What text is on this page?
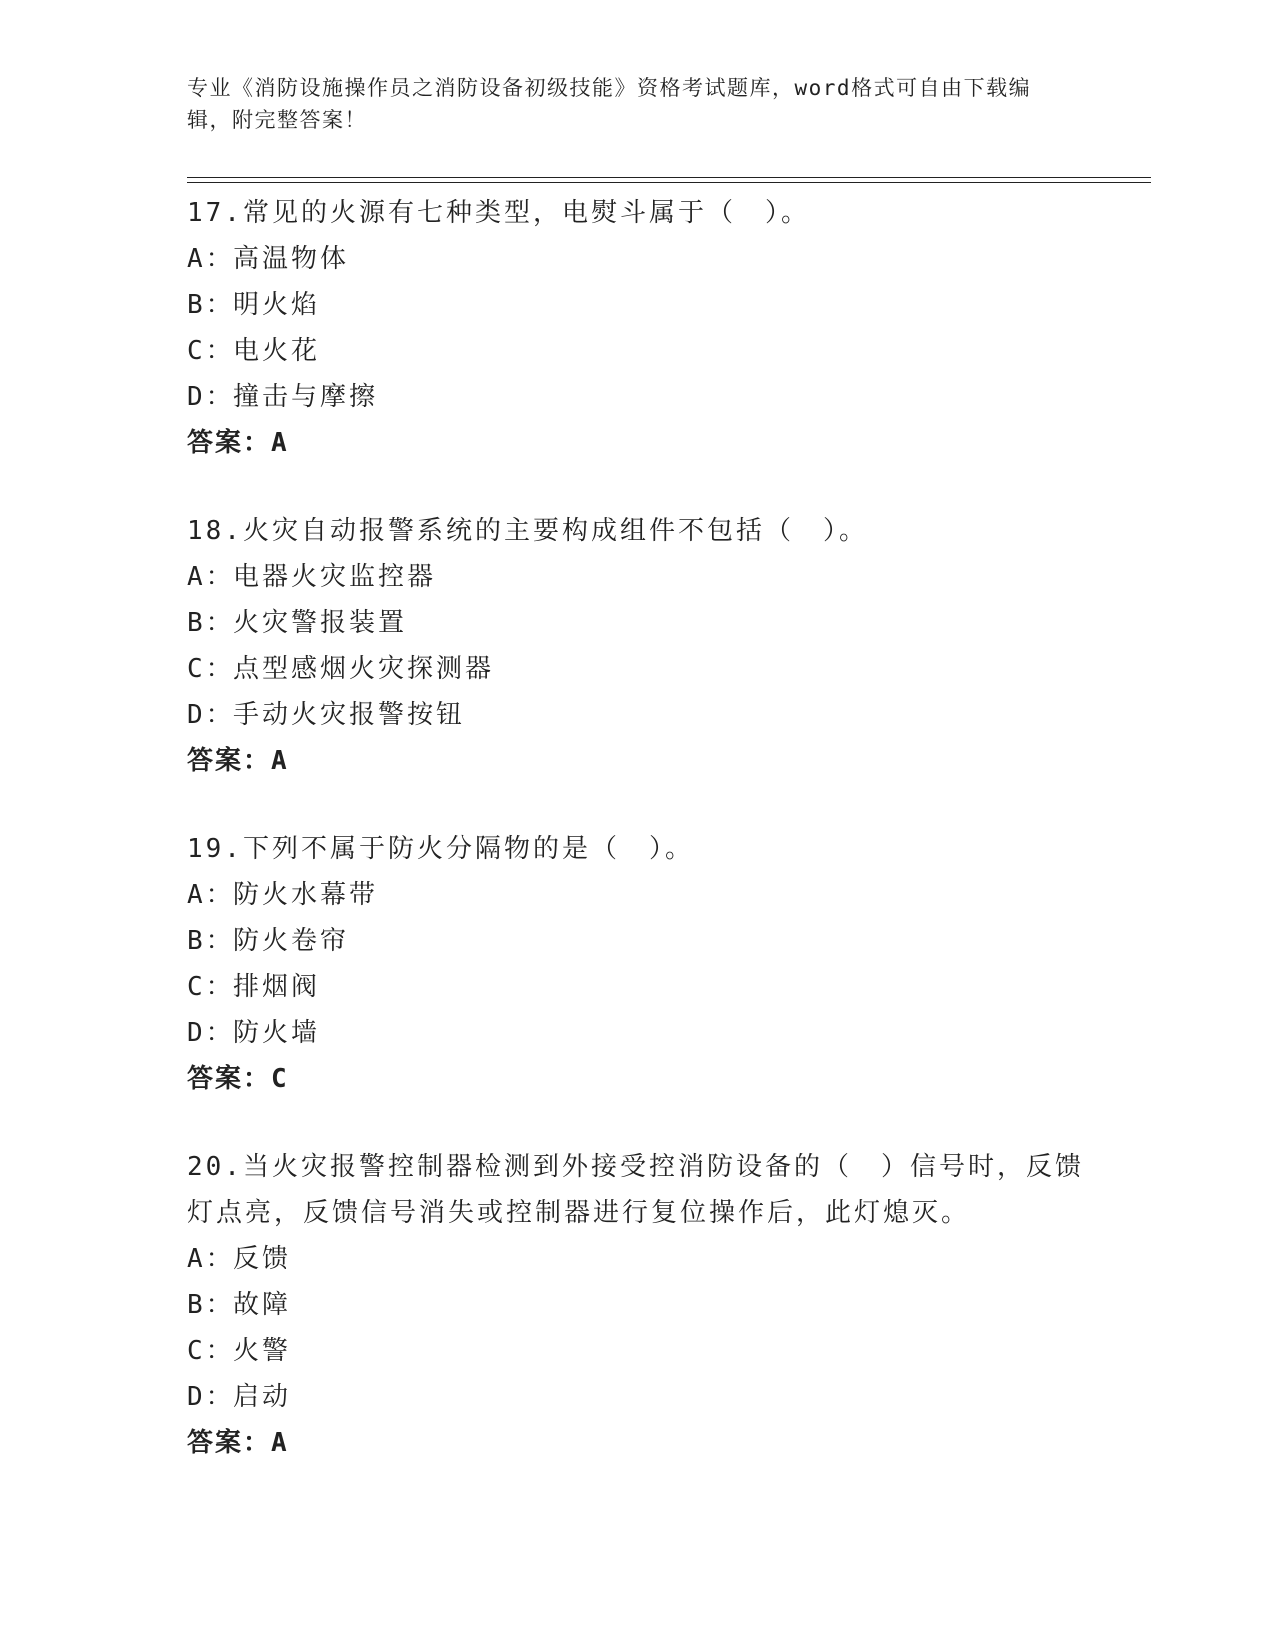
专业《消防设施操作员之消防设备初级技能》资格考试题库，word格式可自由下载编辑，附完整答案！

17.常见的火源有七种类型，电熨斗属于（　）。

A：高温物体

B：明火焰

C：电火花

D：撞击与摩擦

答案：A

18.火灾自动报警系统的主要构成组件不包括（　）。

A：电器火灾监控器

B：火灾警报装置

C：点型感烟火灾探测器

D：手动火灾报警按钮

答案：A

19.下列不属于防火分隔物的是（　）。

A：防火水幕带

B：防火卷帘

C：排烟阀

D：防火墙

答案：C

20.当火灾报警控制器检测到外接受控消防设备的（　）信号时，反馈灯点亮，反馈信号消失或控制器进行复位操作后，此灯熄灭。

A：反馈

B：故障

C：火警

D：启动

答案：A
